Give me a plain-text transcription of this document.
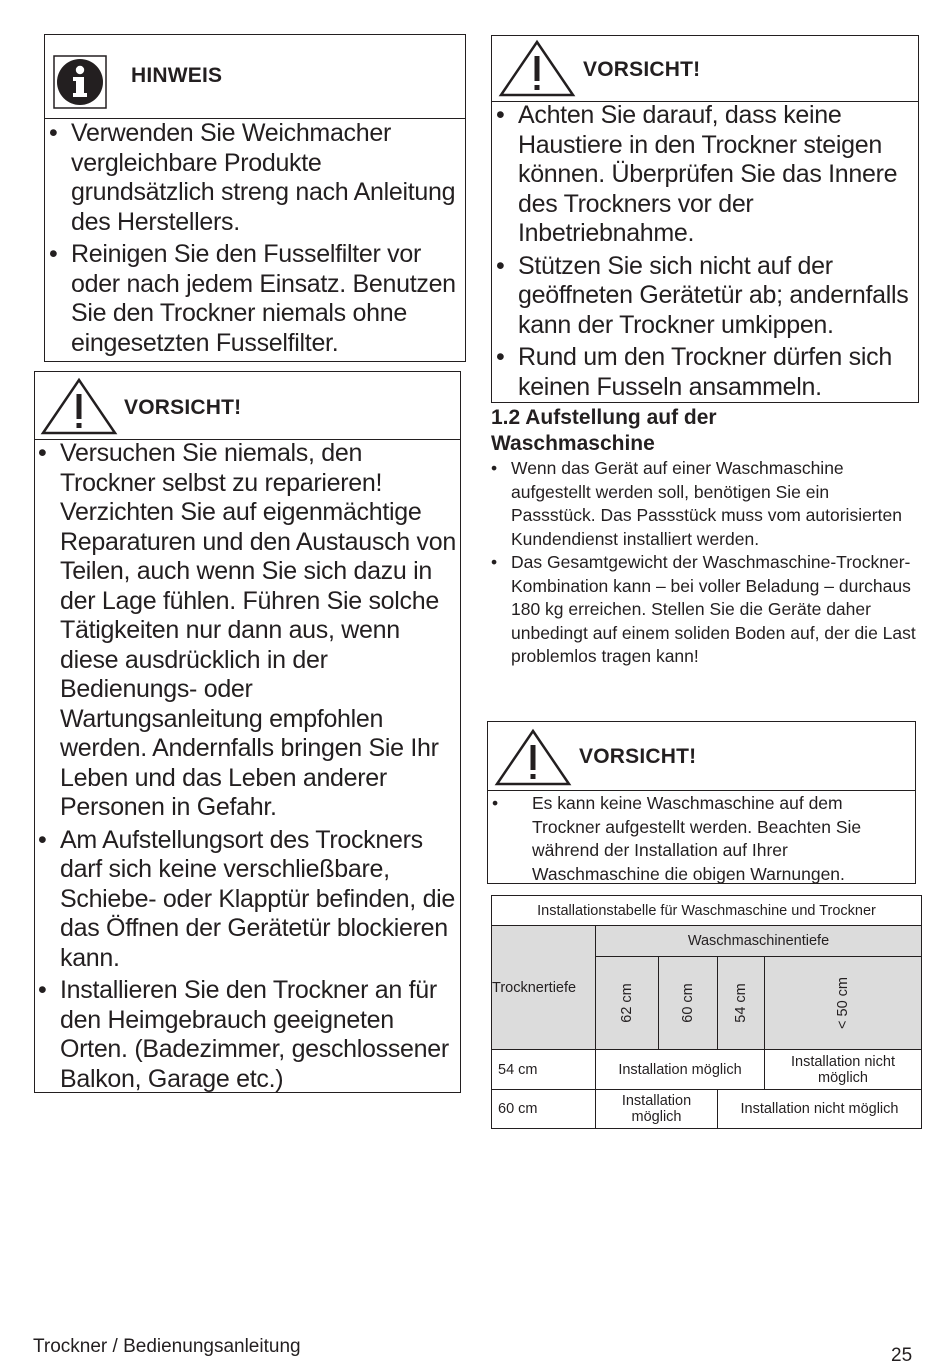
HINWEIS
• Verwenden Sie Weichmacher vergleichbare Produkte grundsätzlich streng nach Anleitung des Herstellers.
• Reinigen Sie den Fusselfilter vor oder nach jedem Einsatz. Benutzen Sie den Trockner niemals ohne eingesetzten Fusselfilter.
VORSICHT!
• Versuchen Sie niemals, den Trockner selbst zu reparieren! Verzichten Sie auf eigenmächtige Reparaturen und den Austausch von Teilen, auch wenn Sie sich dazu in der Lage fühlen. Führen Sie solche Tätigkeiten nur dann aus, wenn diese ausdrücklich in der Bedienungs- oder Wartungsanleitung empfohlen werden. Andernfalls bringen Sie Ihr Leben und das Leben anderer Personen in Gefahr.
• Am Aufstellungsort des Trockners darf sich keine verschließbare, Schiebe- oder Klapptür befinden, die das Öffnen der Gerätetür blockieren kann.
• Installieren Sie den Trockner an für den Heimgebrauch geeigneten Orten. (Badezimmer, geschlossener Balkon, Garage etc.)
VORSICHT!
• Achten Sie darauf, dass keine Haustiere in den Trockner steigen können. Überprüfen Sie das Innere des Trockners vor der Inbetriebnahme.
• Stützen Sie sich nicht auf der geöffneten Gerätetür ab; andernfalls kann der Trockner umkippen.
• Rund um den Trockner dürfen sich keinen Fusseln ansammeln.
1.2 Aufstellung auf der
Waschmaschine
• Wenn das Gerät auf einer Waschmaschine aufgestellt werden soll, benötigen Sie ein Passstück. Das Passstück muss vom autorisierten Kundendienst installiert werden.
• Das Gesamtgewicht der Waschmaschine-Trockner-Kombination kann – bei voller Beladung – durchaus 180 kg erreichen. Stellen Sie die Geräte daher unbedingt auf einem soliden Boden auf, der die Last problemlos tragen kann!
VORSICHT!
• Es kann keine Waschmaschine auf dem Trockner aufgestellt werden. Beachten Sie während der Installation auf Ihrer Waschmaschine die obigen Warnungen.
Installationstabelle für Waschmaschine und Trockner				
Trocknertiefe	Waschmaschinentiefe			
	62 cm	60 cm	54 cm	< 50 cm
54 cm	Installation möglich			Installation nicht möglich
60 cm	Installation möglich		Installation nicht möglich	
Trockner / Bedienungsanleitung	25
